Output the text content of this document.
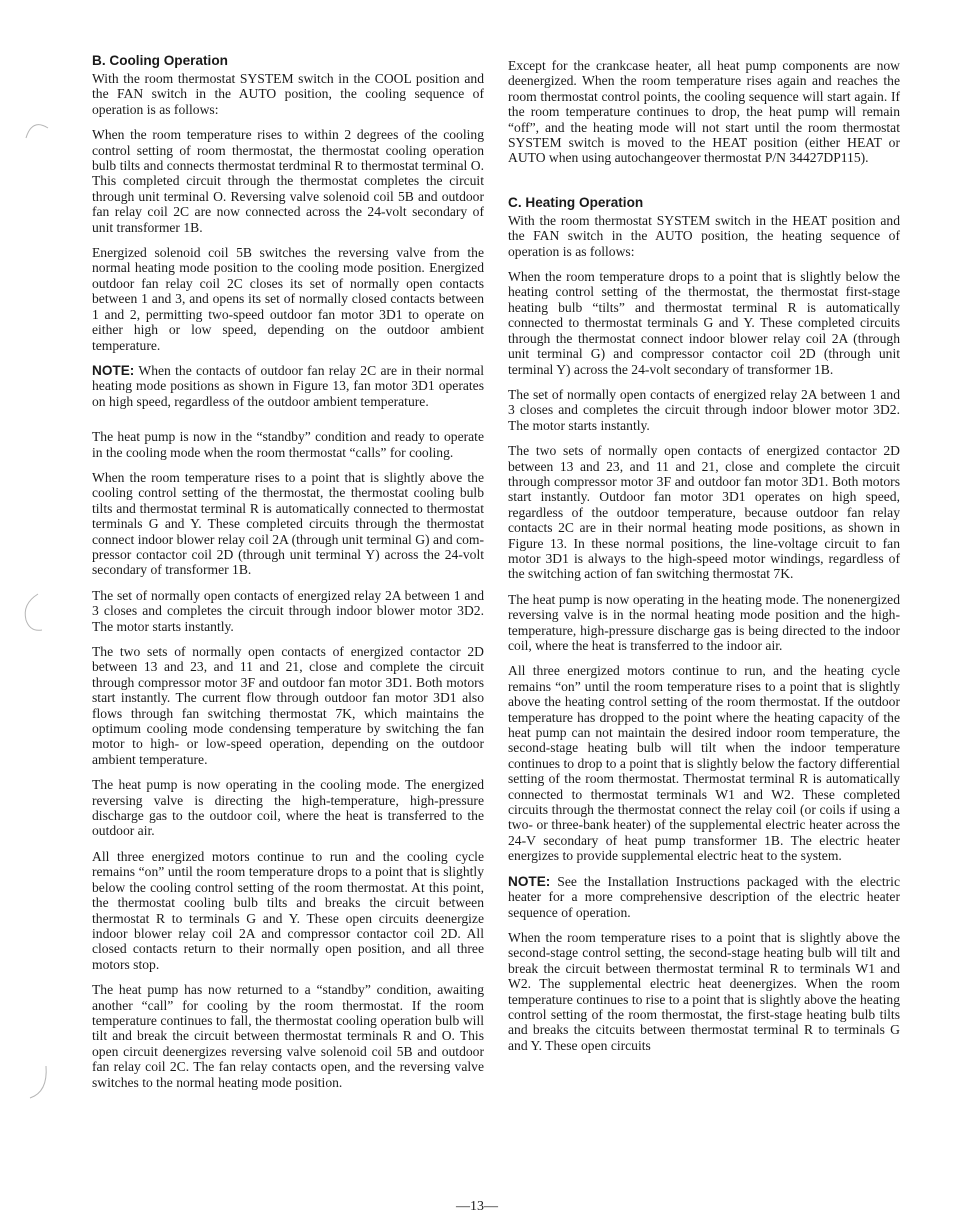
B. Cooling Operation

With the room thermostat SYSTEM switch in the COOL position and the FAN switch in the AUTO position, the cooling sequence of operation is as follows:

When the room temperature rises to within 2 degrees of the cooling control setting of room thermostat, the thermostat cooling operation bulb tilts and connects thermostat terdminal R to thermostat terminal O. This completed circuit through the thermostat completes the circuit through unit terminal O. Reversing valve solenoid coil 5B and outdoor fan relay coil 2C are now connected across the 24-volt secondary of unit transformer 1B.

Energized solenoid coil 5B switches the reversing valve from the normal heating mode position to the cooling mode position. Energized outdoor fan relay coil 2C closes its set of normally open contacts between 1 and 3, and opens its set of normally closed contacts between 1 and 2, permitting two-speed outdoor fan motor 3D1 to operate on either high or low speed, depending on the outdoor ambient temperature.

NOTE: When the contacts of outdoor fan relay 2C are in their normal heating mode positions as shown in Figure 13, fan motor 3D1 operates on high speed, regardless of the outdoor ambient temperature.

The heat pump is now in the “standby” condition and ready to operate in the cooling mode when the room thermostat “calls” for cooling.

When the room temperature rises to a point that is slightly above the cooling control setting of the thermostat, the thermostat cooling bulb tilts and thermostat terminal R is automatically connected to thermostat terminals G and Y. These completed circuits through the thermostat connect indoor blower relay coil 2A (through unit terminal G) and compressor contactor coil 2D (through unit terminal Y) across the 24-volt secondary of transformer 1B.

The set of normally open contacts of energized relay 2A between 1 and 3 closes and completes the circuit through indoor blower motor 3D2. The motor starts instantly.

The two sets of normally open contacts of energized contactor 2D between 13 and 23, and 11 and 21, close and complete the circuit through compressor motor 3F and outdoor fan motor 3D1. Both motors start instantly. The current flow through outdoor fan motor 3D1 also flows through fan switching thermostat 7K, which maintains the optimum cooling mode condensing temperature by switching the fan motor to high- or low-speed operation, depending on the outdoor ambient temperature.

The heat pump is now operating in the cooling mode. The energized reversing valve is directing the high-temperature, high-pressure discharge gas to the outdoor coil, where the heat is transferred to the outdoor air.

All three energized motors continue to run and the cooling cycle remains “on” until the room temperature drops to a point that is slightly below the cooling control setting of the room thermostat. At this point, the thermostat cooling bulb tilts and breaks the circuit between thermostat R to terminals G and Y. These open circuits deenergize indoor blower relay coil 2A and compressor contactor coil 2D. All closed contacts return to their normally open position, and all three motors stop.

The heat pump has now returned to a “standby” condition, awaiting another “call” for cooling by the room thermostat. If the room temperature continues to fall, the thermostat cooling operation bulb will tilt and break the circuit between thermostat terminals R and O. This open circuit deenergizes reversing valve solenoid coil 5B and outdoor fan relay coil 2C. The fan relay contacts open, and the reversing valve switches to the normal heating mode position.

Except for the crankcase heater, all heat pump components are now deenergized. When the room temperature rises again and reaches the room thermostat control points, the cooling sequence will start again. If the room temperature continues to drop, the heat pump will remain “off”, and the heating mode will not start until the room thermostat SYSTEM switch is moved to the HEAT position (either HEAT or AUTO when using autochangeover thermostat P/N 34427DP115).

C. Heating Operation

With the room thermostat SYSTEM switch in the HEAT position and the FAN switch in the AUTO position, the heating sequence of operation is as follows:

When the room temperature drops to a point that is slightly below the heating control setting of the thermostat, the thermostat first-stage heating bulb “tilts” and thermostat terminal R is automatically connected to thermostat terminals G and Y. These completed circuits through the thermostat connect indoor blower relay coil 2A (through unit terminal G) and compressor contactor coil 2D (through unit terminal Y) across the 24-volt secondary of transformer 1B.

The set of normally open contacts of energized relay 2A between 1 and 3 closes and completes the circuit through indoor blower motor 3D2. The motor starts instantly.

The two sets of normally open contacts of energized contactor 2D between 13 and 23, and 11 and 21, close and complete the circuit through compressor motor 3F and outdoor fan motor 3D1. Both motors start instantly. Outdoor fan motor 3D1 operates on high speed, regardless of the outdoor temperature, because outdoor fan relay contacts 2C are in their normal heating mode positions, as shown in Figure 13. In these normal positions, the line-voltage circuit to fan motor 3D1 is always to the high-speed motor windings, regardless of the switching action of fan switching thermostat 7K.

The heat pump is now operating in the heating mode. The nonenergized reversing valve is in the normal heating mode position and the high-temperature, high-pressure discharge gas is being directed to the indoor coil, where the heat is transferred to the indoor air.

All three energized motors continue to run, and the heating cycle remains “on” until the room temperature rises to a point that is slightly above the heating control setting of the room thermostat. If the outdoor temperature has dropped to the point where the heating capacity of the heat pump can not maintain the desired indoor room temperature, the second-stage heating bulb will tilt when the indoor temperature continues to drop to a point that is slightly below the factory differential setting of the room thermostat. Thermostat terminal R is automatically connected to thermostat terminals W1 and W2. These completed circuits through the thermostat connect the relay coil (or coils if using a two- or three-bank heater) of the supplemental electric heater across the 24-V secondary of heat pump transformer 1B. The electric heater energizes to provide supplemental electric heat to the system.

NOTE: See the Installation Instructions packaged with the electric heater for a more comprehensive description of the electric heater sequence of operation.

When the room temperature rises to a point that is slightly above the second-stage control setting, the second-stage heating bulb will tilt and break the circuit between thermostat terminal R to terminals W1 and W2. The supplemental electric heat deenergizes. When the room temperature continues to rise to a point that is slightly above the heating control setting of the room thermostat, the first-stage heating bulb tilts and breaks the citcuits between thermostat terminal R to terminals G and Y. These open circuits

—13—
